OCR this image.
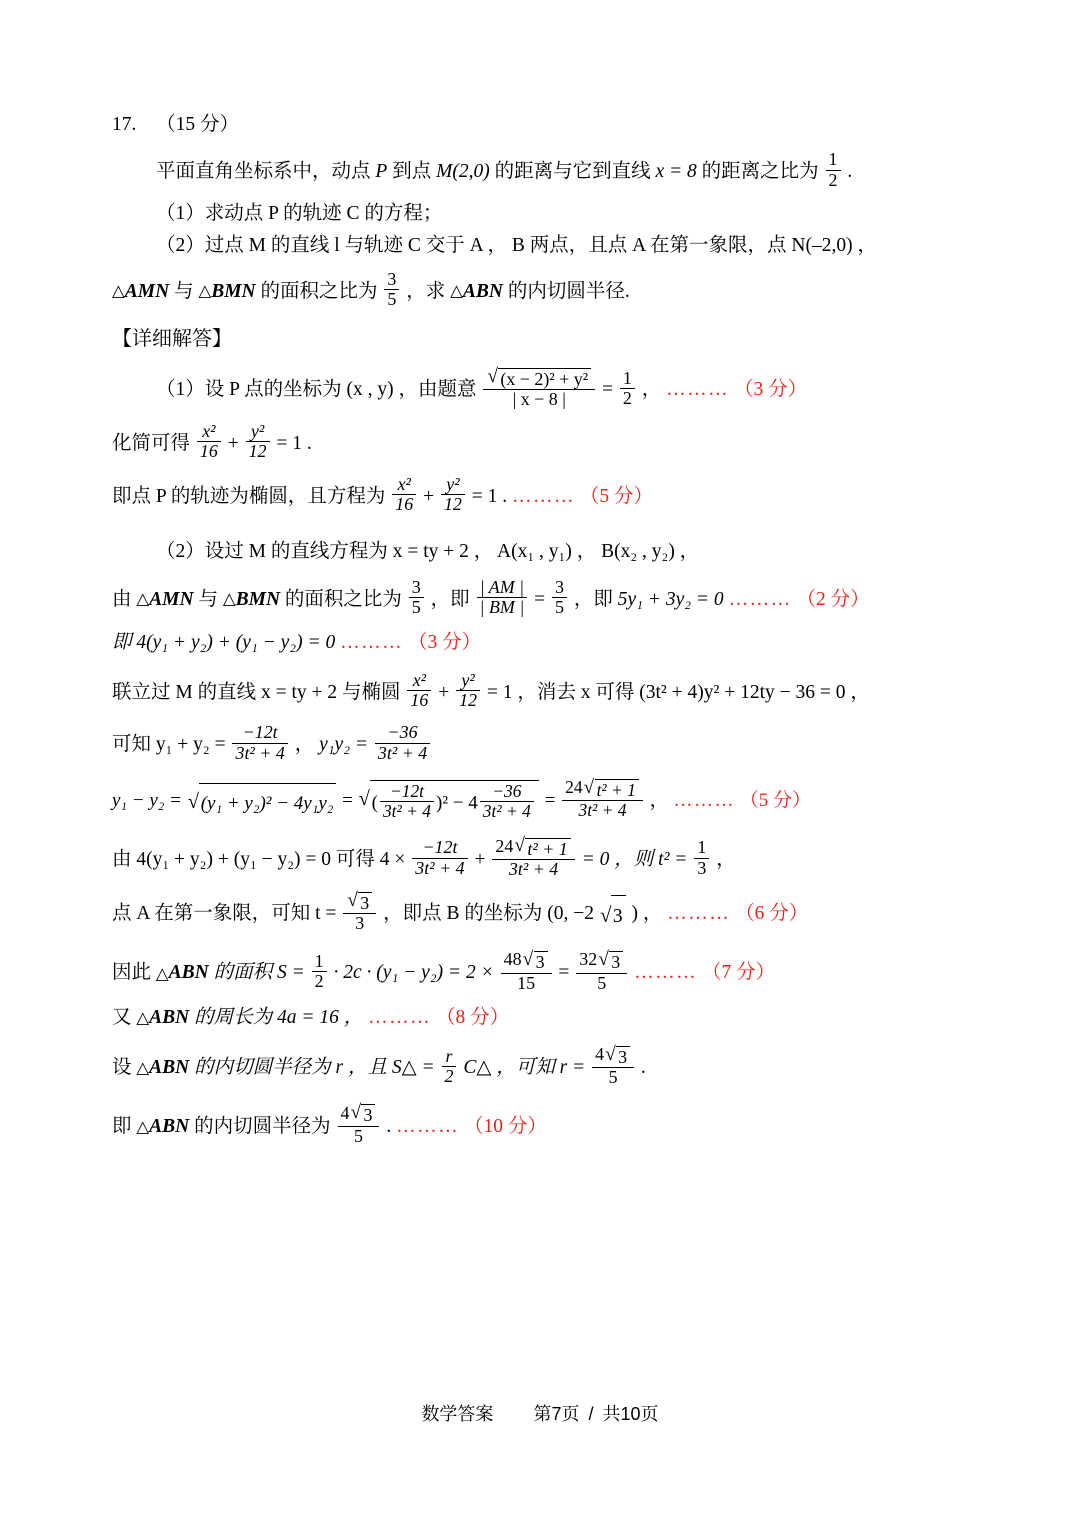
17. （15 分）
平面直角坐标系中，动点 P 到点 M(2,0) 的距离与它到直线 x = 8 的距离之比为 $\frac{1}{2}$ .
（1）求动点 P 的轨迹 C 的方程；
（2）过点 M 的直线 l 与轨迹 C 交于 A ， B 两点，且点 A 在第一象限，点 N(–2,0) ，
△ AMN 与 △ BMN 的面积之比为 $\frac{3}{5}$ ，求 △ ABN 的内切圆半径.
【详细解答】
（1）设 P 点的坐标为 (x , y) ，由题意 √ $\frac{\text{(x − 2)² + y²}}{| x - 8 |} = \frac{1}{2}$ ， ……… （3 分）
化简可得 $\frac{\text{x²}}{16} + \frac{\text{y²}}{12} = 1$ .
即点 P 的轨迹为椭圆，且方程为 $\frac{\text{x²}}{16} + \frac{\text{y²}}{12} = 1$ . ……… （5 分）
（2）设过 M 的直线方程为 x = ty + 2 ， A(x₁ , y₁) ， B(x₂ , y₂) ，
由 △ AMN 与 △ BMN 的面积之比为 $\frac{3}{5}$ ，即 $\frac{| AM |}{| BM |} = \frac{3}{5}$ ，即 5y₁ + 3y₂ = 0 ……… （2 分）
即 4(y₁ + y₂) + (y₁ − y₂) = 0 ……… （3 分）
联立过 M 的直线 x = ty + 2 与椭圆 $\frac{\text{x²}}{16} + \frac{\text{y²}}{12} = 1$ ，消去 x 可得 (3t² + 4)y² + 12ty − 36 = 0 ，
可知 $y_1 + y_2 = \frac{-12t}{\text{3t² + 4}}$ ， $y_1y_2 = \frac{-36}{\text{3t² + 4}}$
y₁ − y₂ = √ (y₁ + y₂)² − 4y₁y₂ = √ ( $\frac{-12t}{\text{3t² + 4}} )^2 - 4 \frac{-36}{\text{3t² + 4}} = \frac{\text{24 √ t² + 1}}{\text{3t² + 4}}$ ， ……… （5 分）
由 4(y₁ + y₂) + (y₁ − y₂) = 0 可得 $4 \times \frac{-12t}{\text{3t² + 4}} + \frac{\text{24 √ t² + 1}}{\text{3t² + 4}} = 0$ ，则 $t^2 = \frac{1}{3}$ ，
点 A 在第一象限，可知 t = √ $\frac{3}{3}$ ，即点 B 的坐标为 (0, −2 √ 3 ) ， ……… （6 分）
因此 △ ABN 的面积 $S = \frac{1}{2} \cdot 2c \cdot (y_1 - y_2) = 2 \times \frac{48 √ 3}{15} = \frac{32 √ 3}{5}$ ……… （7 分）
又 △ ABN 的周长为 4a = 16 ， ……… （8 分）
设 △ ABN 的内切圆半径为 r ，且 S△ = $\frac{r}{2}$ C△ ，可知 $r = \frac{4 √ 3}{5}$ .
即 △ ABN 的内切圆半径为 $\frac{4 √ 3}{5}$ . ……… （10 分）
数学答案 第7页 / 共10页
